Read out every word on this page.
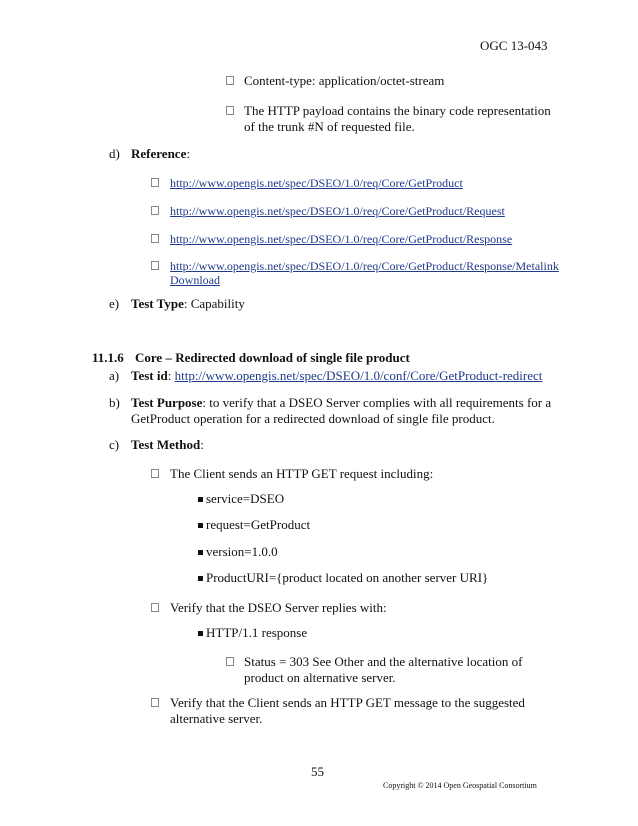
OGC 13-043
Content-type: application/octet-stream
The HTTP payload contains the binary code representation
of the trunk #N of requested file.
d) Reference:
http://www.opengis.net/spec/DSEO/1.0/req/Core/GetProduct
http://www.opengis.net/spec/DSEO/1.0/req/Core/GetProduct/Request
http://www.opengis.net/spec/DSEO/1.0/req/Core/GetProduct/Response
http://www.opengis.net/spec/DSEO/1.0/req/Core/GetProduct/Response/Metalink
Download
e) Test Type: Capability
11.1.6 Core – Redirected download of single file product
a) Test id: http://www.opengis.net/spec/DSEO/1.0/conf/Core/GetProduct-redirect
b) Test Purpose: to verify that a DSEO Server complies with all requirements for a
GetProduct operation for a redirected download of single file product.
c) Test Method:
The Client sends an HTTP GET request including:
service=DSEO
request=GetProduct
version=1.0.0
ProductURI={product located on another server URI}
Verify that the DSEO Server replies with:
HTTP/1.1 response
Status = 303 See Other and the alternative location of
product on alternative server.
Verify that the Client sends an HTTP GET message to the suggested
alternative server.
55
Copyright © 2014 Open Geospatial Consortium
